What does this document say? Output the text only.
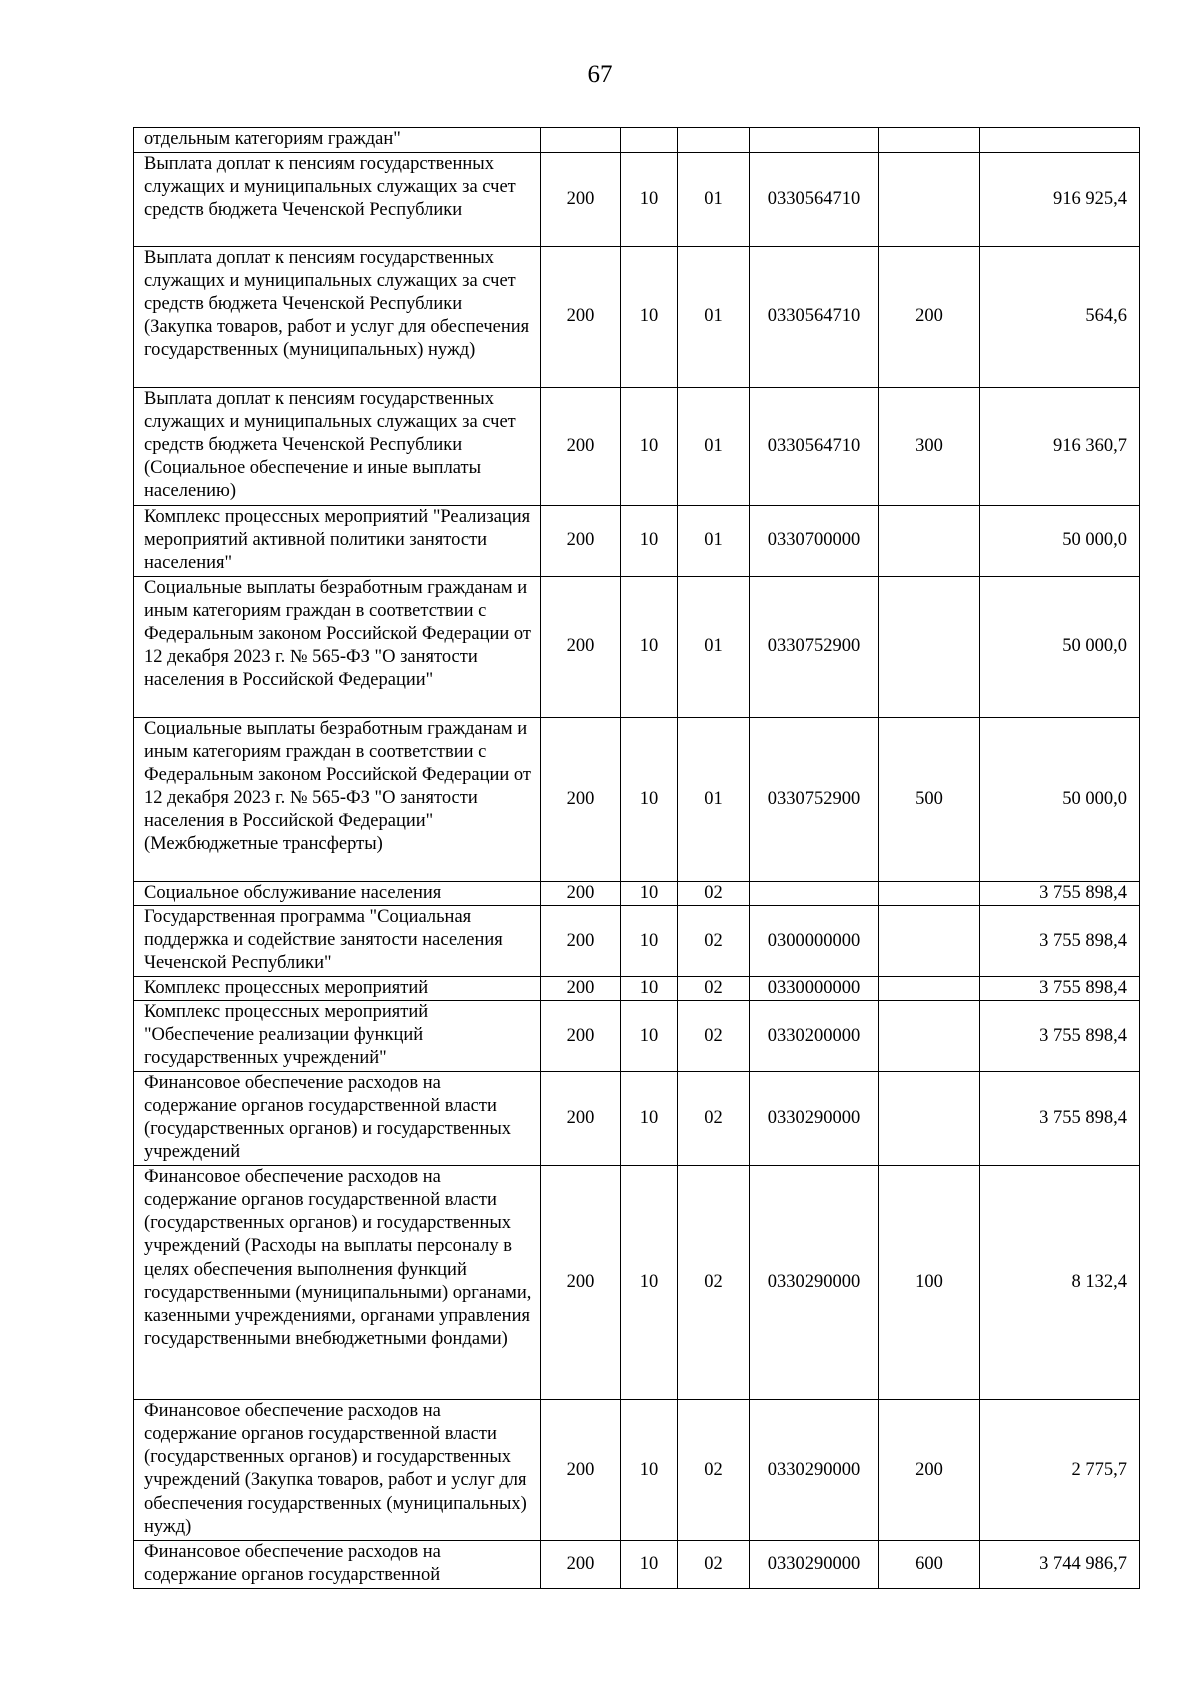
67
отдельным категориям граждан"						
Выплата доплат к пенсиям государственных служащих и муниципальных служащих за счет средств бюджета Чеченской Республики	200	10	01	0330564710		916 925,4
Выплата доплат к пенсиям государственных служащих и муниципальных служащих за счет средств бюджета Чеченской Республики (Закупка товаров, работ и услуг для обеспечения государственных (муниципальных) нужд)	200	10	01	0330564710	200	564,6
Выплата доплат к пенсиям государственных служащих и муниципальных служащих за счет средств бюджета Чеченской Республики (Социальное обеспечение и иные выплаты населению)	200	10	01	0330564710	300	916 360,7
Комплекс процессных мероприятий "Реализация мероприятий активной политики занятости населения"	200	10	01	0330700000		50 000,0
Социальные выплаты безработным гражданам и иным категориям граждан в соответствии с Федеральным законом Российской Федерации от 12 декабря 2023 г. № 565-ФЗ "О занятости населения в Российской Федерации"	200	10	01	0330752900		50 000,0
Социальные выплаты безработным гражданам и иным категориям граждан в соответствии с Федеральным законом Российской Федерации от 12 декабря 2023 г. № 565-ФЗ "О занятости населения в Российской Федерации" (Межбюджетные трансферты)	200	10	01	0330752900	500	50 000,0
Социальное обслуживание населения	200	10	02			3 755 898,4
Государственная программа "Социальная поддержка и содействие занятости населения Чеченской Республики"	200	10	02	0300000000		3 755 898,4
Комплекс процессных мероприятий	200	10	02	0330000000		3 755 898,4
Комплекс процессных мероприятий "Обеспечение реализации функций государственных учреждений"	200	10	02	0330200000		3 755 898,4
Финансовое обеспечение расходов на содержание органов государственной власти (государственных органов) и государственных учреждений	200	10	02	0330290000		3 755 898,4
Финансовое обеспечение расходов на содержание органов государственной власти (государственных органов) и государственных учреждений (Расходы на выплаты персоналу в целях обеспечения выполнения функций государственными (муниципальными) органами, казенными учреждениями, органами управления государственными внебюджетными фондами)	200	10	02	0330290000	100	8 132,4
Финансовое обеспечение расходов на содержание органов государственной власти (государственных органов) и государственных учреждений (Закупка товаров, работ и услуг для обеспечения государственных (муниципальных) нужд)	200	10	02	0330290000	200	2 775,7
Финансовое обеспечение расходов на содержание органов государственной	200	10	02	0330290000	600	3 744 986,7
